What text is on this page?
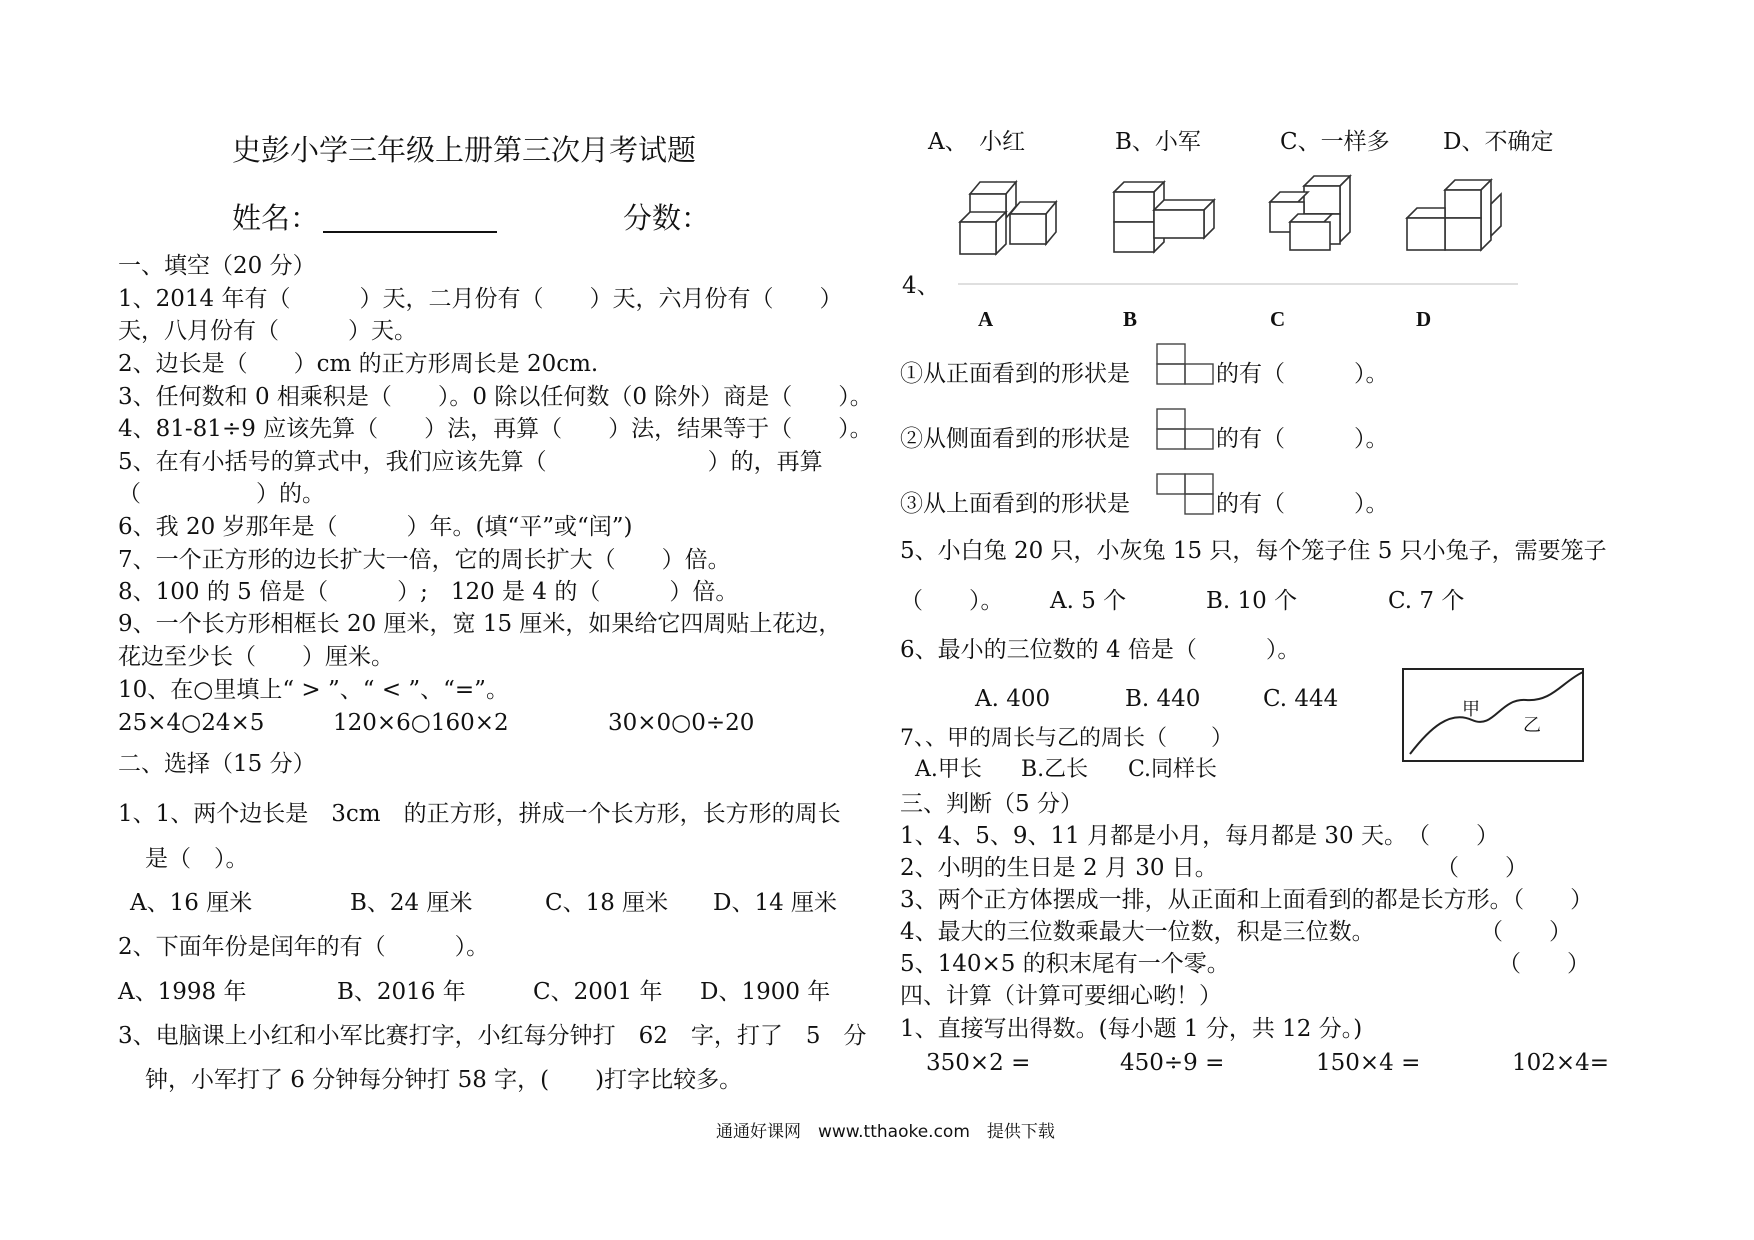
史彭小学三年级上册第三次月考试题
姓名：	分数：
一、填空（20 分）
1、2014 年有（　　　）天，二月份有（　　）天，六月份有（　　）
天，八月份有（　　　）天。
2、边长是（　　）cm 的正方形周长是 20cm.
3、任何数和 0 相乘积是（　　）。0 除以任何数（0 除外）商是（　　）。
4、81-81÷9 应该先算（　　）法，再算（　　）法，结果等于（　　）。
5、在有小括号的算式中，我们应该先算（　　　　　　　）的，再算
（　　　　　）的。
6、我 20 岁那年是（　　　）年。(填“平”或“闰”)
7、一个正方形的边长扩大一倍，它的周长扩大（　　）倍。
8、100 的 5 倍是（　　　）;　120 是 4 的（　　　）倍。
9、一个长方形相框长 20 厘米，宽 15 厘米，如果给它四周贴上花边，
花边至少长（　　）厘米。
10、在○里填上“ > ”、“ < ”、“=”。
25×4○24×5	120×6○160×2	30×0○0÷20
二、选择（15 分）
1、1、两个边长是　3cm　的正方形，拼成一个长方形，长方形的周长
是（　）。
A、16 厘米	B、24 厘米	C、18 厘米 D、14 厘米
2、下面年份是闰年的有（　　　）。
A、1998 年	B、2016 年	C、2001 年 D、1900 年
3、电脑课上小红和小军比赛打字，小红每分钟打　62　字，打了　5　分
钟，小军打了 6 分钟每分钟打 58 字，(　　)打字比较多。
A、　小红	B、小军	C、一样多 D、不确定
4、
A	B	C	D
①从正面看到的形状是	的有（　　　）。
②从侧面看到的形状是	的有（　　　）。
③从上面看到的形状是	的有（　　　）。
5、小白兔 20 只，小灰兔 15 只，每个笼子住 5 只小兔子，需要笼子
（　　）。 A. 5 个	B. 10 个	C. 7 个
6、最小的三位数的 4 倍是（　　　）。
A. 400	B. 440	C. 444	甲
乙
7、、甲的周长与乙的周长（　　）
A.甲长 B.乙长 C.同样长
三、判断（5 分）
1、4、5、9、11 月都是小月，每月都是 30 天。　（　　）
2、小明的生日是 2 月 30 日。	（　　）
3、两个正方体摆成一排，从正面和上面看到的都是长方形。（　　）
4、最大的三位数乘最大一位数，积是三位数。	（　　）
5、140×5 的积末尾有一个零。	（　　）
四、计算（计算可要细心哟！）
1、直接写出得数。(每小题 1 分，共 12 分。)
350×2 =	450÷9 =	150×4 =	102×4=
通通好课网　www.tthaoke.com　提供下载
